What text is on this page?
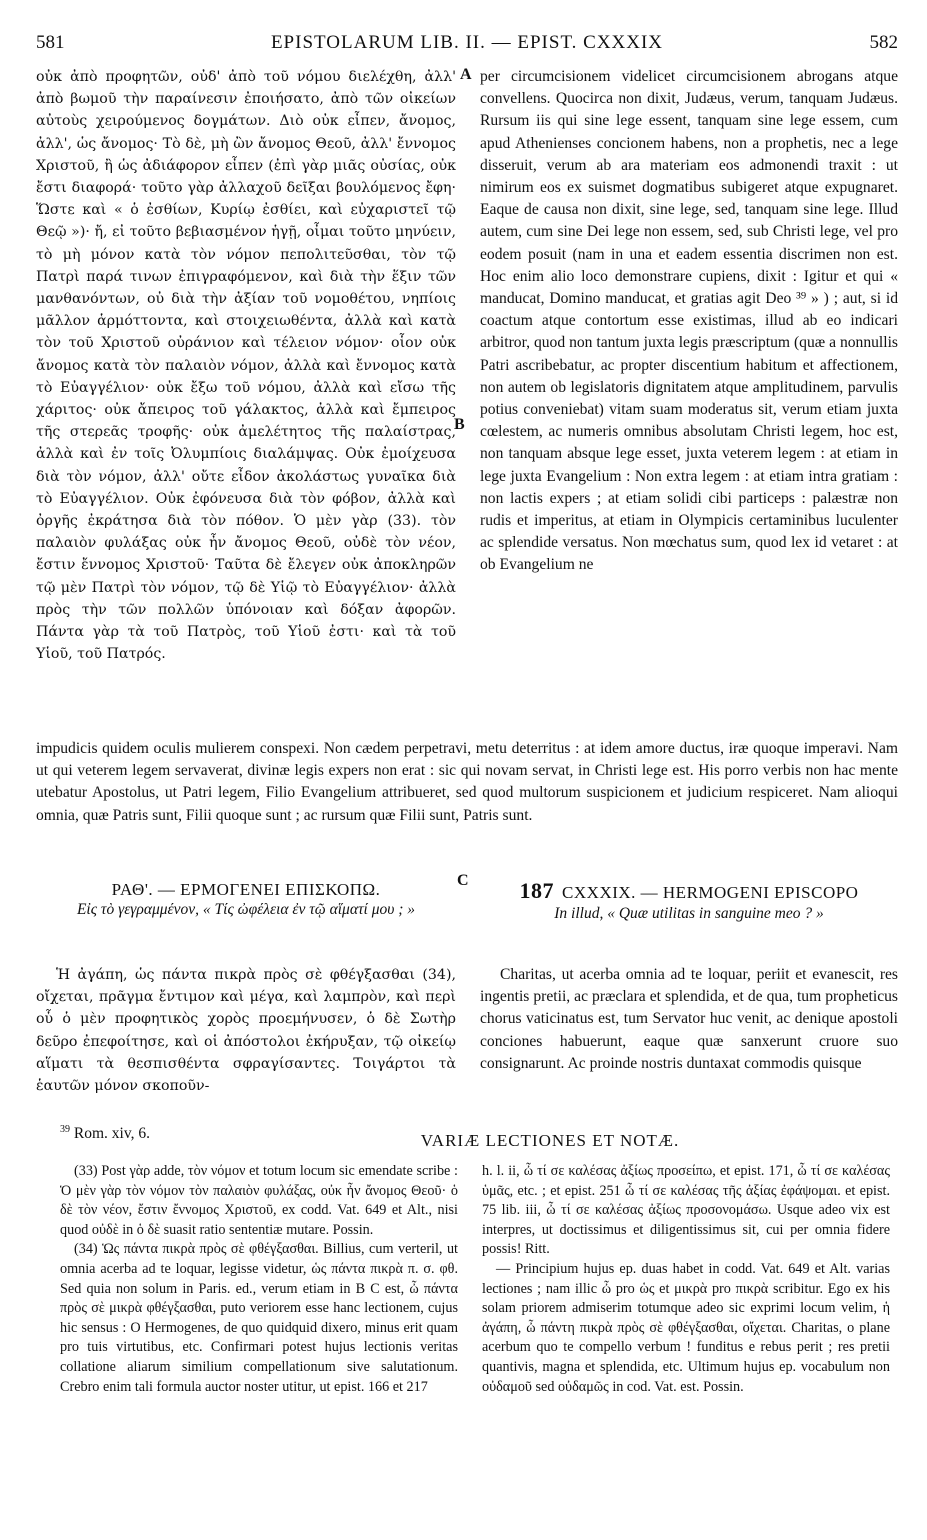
581	EPISTOLARUM LIB. II. — EPIST. CXXXIX	582

οὐκ ἀπὸ προφητῶν, οὐδ' ἀπὸ τοῦ νόμου διελέχθη, ἀλλ' ἀπὸ βωμοῦ τὴν παραίνεσιν ἐποιήσατο, ἀπὸ τῶν οἰκείων αὐτοὺς χειρούμενος δογμάτων. Διὸ οὐκ εἶπεν, ἄνομος, ἀλλ', ὡς ἄνομος· Τὸ δὲ, μὴ ὢν ἄνομος Θεοῦ, ἀλλ' ἔννομος Χριστοῦ, ἢ ὡς ἀδιάφορον εἶπεν (ἐπὶ γὰρ μιᾶς οὐσίας, οὐκ ἔστι διαφορά· τοῦτο γὰρ ἀλλαχοῦ δεῖξαι βουλόμενος ἔφη· Ὥστε καὶ « ὁ ἐσθίων, Κυρίῳ ἐσθίει, καὶ εὐχαριστεῖ τῷ Θεῷ »)· ἤ, εἰ τοῦτο βεβιασμένον ἡγῇ, οἶμαι τοῦτο μηνύειν, τὸ μὴ μόνον κατὰ τὸν νόμον πεπολιτεῦσθαι, τὸν τῷ Πατρὶ παρά τινων ἐπιγραφόμενον, καὶ διὰ τὴν ἕξιν τῶν μανθανόντων, οὐ διὰ τὴν ἀξίαν τοῦ νομοθέτου, νηπίοις μᾶλλον ἁρμόττοντα, καὶ στοιχειωθέντα, ἀλλὰ καὶ κατὰ τὸν τοῦ Χριστοῦ οὐράνιον καὶ τέλειον νόμον· οἷον οὐκ ἄνομος κατὰ τὸν παλαιὸν νόμον, ἀλλὰ καὶ ἔννομος κατὰ τὸ Εὐαγγέλιον· οὐκ ἔξω τοῦ νόμου, ἀλλὰ καὶ εἴσω τῆς χάριτος· οὐκ ἄπειρος τοῦ γάλακτος, ἀλλὰ καὶ ἔμπειρος τῆς στερεᾶς τροφῆς· οὐκ ἀμελέτητος τῆς παλαίστρας, ἀλλὰ καὶ ἐν τοῖς Ὀλυμπίοις διαλάμψας. Οὐκ ἐμοίχευσα διὰ τὸν νόμον, ἀλλ' οὔτε εἶδον ἀκολάστως γυναῖκα διὰ τὸ Εὐαγγέλιον. Οὐκ ἐφόνευσα διὰ τὸν φόβον, ἀλλὰ καὶ ὀργῆς ἐκράτησα διὰ τὸν πόθον. Ὁ μὲν γὰρ (33). τὸν παλαιὸν φυλάξας οὐκ ἦν ἄνομος Θεοῦ, οὐδὲ τὸν νέον, ἔστιν ἔννομος Χριστοῦ· Ταῦτα δὲ ἔλεγεν οὐκ ἀποκληρῶν τῷ μὲν Πατρὶ τὸν νόμον, τῷ δὲ Υἱῷ τὸ Εὐαγγέλιον· ἀλλὰ πρὸς τὴν τῶν πολλῶν ὑπόνοιαν καὶ δόξαν ἀφορῶν. Πάντα γὰρ τὰ τοῦ Πατρὸς, τοῦ Υἱοῦ ἐστι· καὶ τὰ τοῦ Υἱοῦ, τοῦ Πατρός.

A
B

per circumcisionem videlicet circumcisionem abrogans atque convellens. Quocirca non dixit, Judæus, verum, tanquam Judæus. Rursum iis qui sine lege essent, tanquam sine lege essem, cum apud Athenienses concionem habens, non a prophetis, nec a lege disseruit, verum ab ara materiam eos admonendi traxit : ut nimirum eos ex suismet dogmatibus subigeret atque expugnaret. Eaque de causa non dixit, sine lege, sed, tanquam sine lege. Illud autem, cum sine Dei lege non essem, sed, sub Christi lege, vel pro eodem posuit (nam in una et eadem essentia discrimen non est. Hoc enim alio loco demonstrare cupiens, dixit : Igitur et qui « manducat, Domino manducat, et gratias agit Deo ³⁹ » ) ; aut, si id coactum atque contortum esse existimas, illud ab eo indicari arbitror, quod non tantum juxta legis præscriptum (quæ a nonnullis Patri ascribebatur, ac propter discentium habitum et affectionem, non autem ob legislatoris dignitatem atque amplitudinem, parvulis potius conveniebat) vitam suam moderatus sit, verum etiam juxta cœlestem, ac numeris omnibus absolutam Christi legem, hoc est, non tanquam absque lege esset, juxta veterem legem : at etiam in lege juxta Evangelium : Non extra legem : at etiam intra gratiam : non lactis expers ; at etiam solidi cibi particeps : palæstræ non rudis et imperitus, at etiam in Olympicis certaminibus luculenter ac splendide versatus. Non mœchatus sum, quod lex id vetaret : at ob Evangelium ne

impudicis quidem oculis mulierem conspexi. Non cædem perpetravi, metu deterritus : at idem amore ductus, iræ quoque imperavi. Nam ut qui veterem legem servaverat, divinæ legis expers non erat : sic qui novam servat, in Christi lege est. His porro verbis non hac mente utebatur Apostolus, ut Patri legem, Filio Evangelium attribueret, sed quod multorum suspicionem et judicium respiceret. Nam alioqui omnia, quæ Patris sunt, Filii quoque sunt ; ac rursum quæ Filii sunt, Patris sunt.

C
ΡΑΘ'. — ΕΡΜΟΓΕΝΕΙ ΕΠΙΣΚΟΠΩ.
Εἰς τὸ γεγραμμένον, « Τίς ὠφέλεια ἐν τῷ αἵματί μου ; »
187 CXXXIX. — HERMOGENI EPISCOPO
In illud, « Quæ utilitas in sanguine meo ? »

Ἡ ἀγάπη, ὡς πάντα πικρὰ πρὸς σὲ φθέγξασθαι (34), οἴχεται, πρᾶγμα ἔντιμον καὶ μέγα, καὶ λαμπρὸν, καὶ περὶ οὗ ὁ μὲν προφητικὸς χορὸς προεμήνυσεν, ὁ δὲ Σωτὴρ δεῦρο ἐπεφοίτησε, καὶ οἱ ἀπόστολοι ἐκήρυξαν, τῷ οἰκείῳ αἵματι τὰ θεσπισθέντα σφραγίσαντες. Τοιγάρτοι τὰ ἑαυτῶν μόνον σκοποῦν-

Charitas, ut acerba omnia ad te loquar, periit et evanescit, res ingentis pretii, ac præclara et splendida, et de qua, tum propheticus chorus vaticinatus est, tum Servator huc venit, ac denique apostoli conciones habuerunt, eaque quæ sanxerunt cruore suo consignarunt. Ac proinde nostris duntaxat commodis quisque

$^{39}$ Rom. xiv, 6.	VARIÆ LECTIONES ET NOTÆ.

(33) Post γὰρ adde, τὸν νόμον et totum locum sic emendate scribe : Ὁ μὲν γὰρ τὸν νόμον τὸν παλαιὸν φυλάξας, οὐκ ἦν ἄνομος Θεοῦ· ὁ δὲ τὸν νέον, ἔστιν ἔννομος Χριστοῦ, ex codd. Vat. 649 et Alt., nisi quod οὐδὲ in ὁ δὲ suasit ratio sententiæ mutare. Possin.

(34) Ὡς πάντα πικρὰ πρὸς σὲ φθέγξασθαι. Billius, cum verteril, ut omnia acerba ad te loquar, legisse videtur, ὡς πάντα πικρὰ π. σ. φθ. Sed quia non solum in Paris. ed., verum etiam in B C est, ὦ πάντα πρὸς σὲ μικρὰ φθέγξασθαι, puto veriorem esse hanc lectionem, cujus hic sensus : O Hermogenes, de quo quidquid dixero, minus erit quam pro tuis virtutibus, etc. Confirmari potest hujus lectionis veritas collatione aliarum similium compellationum sive salutationum. Crebro enim tali formula auctor noster utitur, ut epist. 166 et 217

h. l. ii, ὦ τί σε καλέσας ἀξίως προσείπω, et epist. 171, ὦ τί σε καλέσας ὑμᾶς, etc. ; et epist. 251 ὦ τί σε καλέσας τῆς ἀξίας ἐφάψομαι. et epist. 75 lib. iii, ὦ τί σε καλέσας ἀξίως προσονομάσω. Usque adeo vix est interpres, ut doctissimus et diligentissimus sit, cui per omnia fidere possis! Ritt.

— Principium hujus ep. duas habet in codd. Vat. 649 et Alt. varias lectiones ; nam illic ὦ pro ὡς et μικρὰ pro πικρὰ scribitur. Ego ex his solam priorem admiserim totumque adeo sic exprimi locum velim, ἡ ἀγάπη, ὦ πάντη πικρὰ πρὸς σὲ φθέγξασθαι, οἴχεται. Charitas, o plane acerbum quo te compello verbum ! funditus e rebus perit ; res pretii quantivis, magna et splendida, etc. Ultimum hujus ep. vocabulum non οὐδαμοῦ sed οὐδαμῶς in cod. Vat. est. Possin.
